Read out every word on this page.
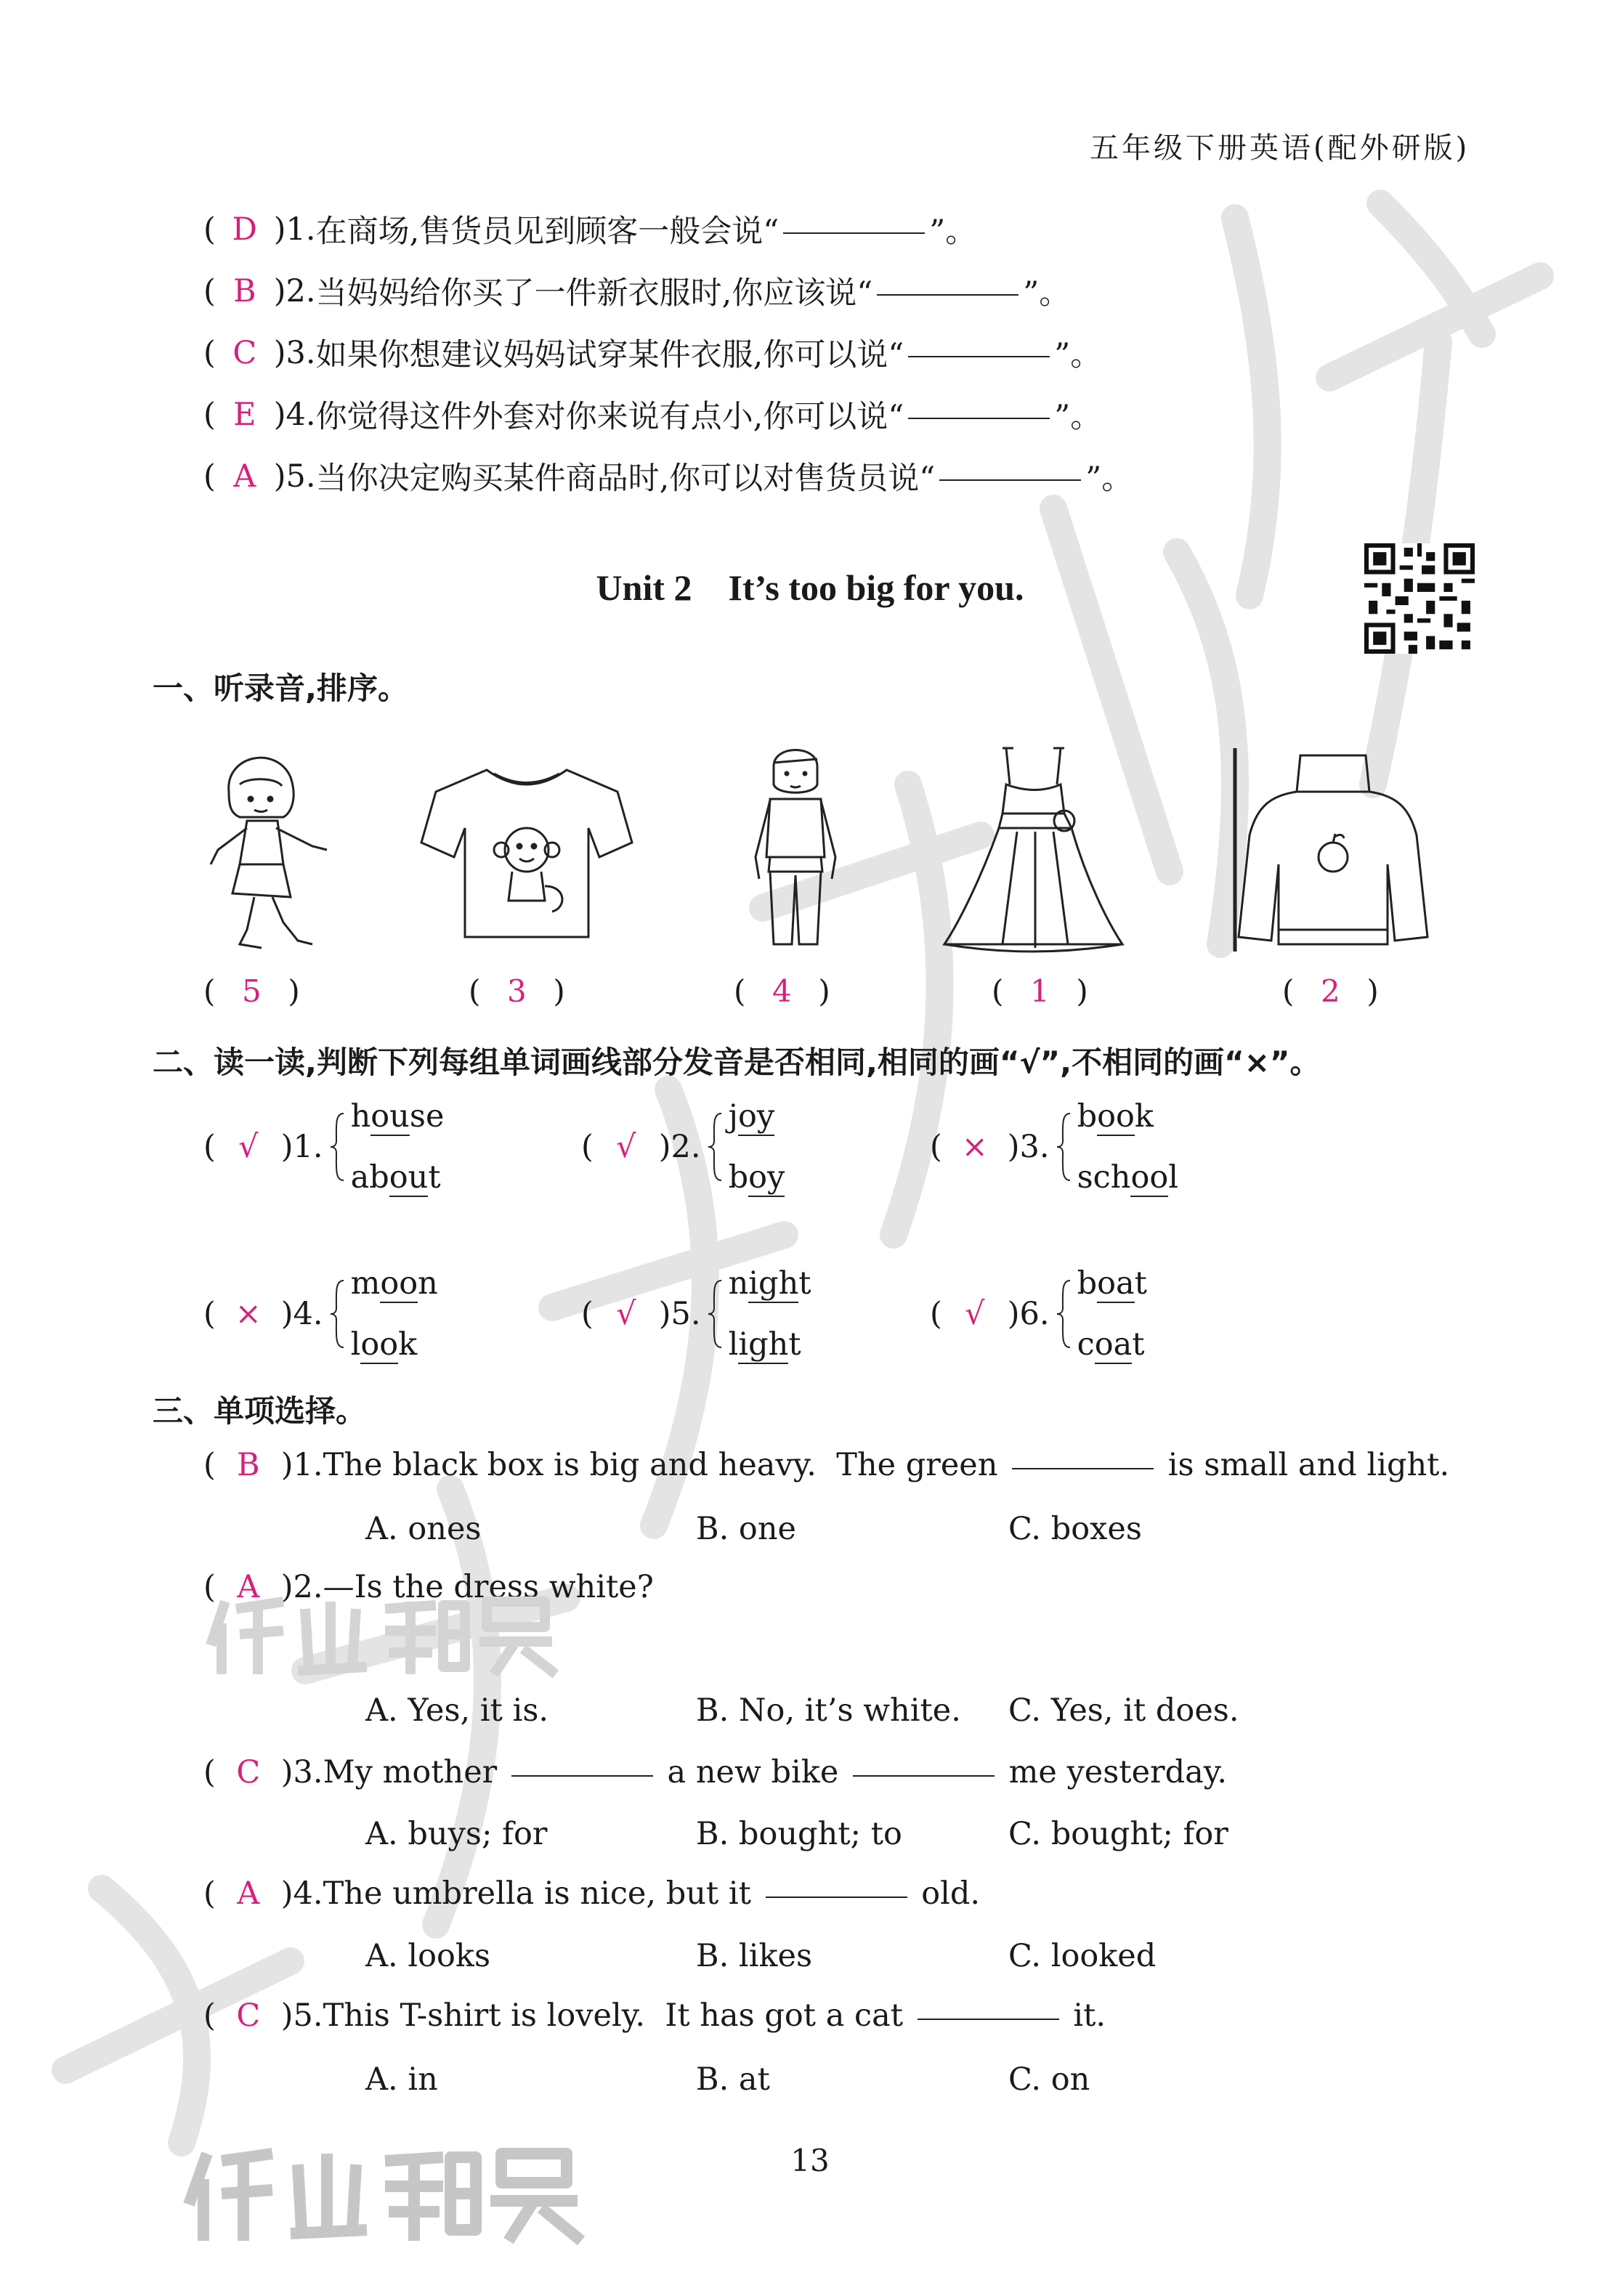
五年级下册英语(配外研版)
( D )1. 在商场,售货员见到顾客一般会说“	”。
( B )2. 当妈妈给你买了一件新衣服时,你应该说“	”。
( C )3. 如果你想建议妈妈试穿某件衣服,你可以说“	”。
( E )4. 你觉得这件外套对你来说有点小,你可以说“	”。
( A )5. 当你决定购买某件商品时,你可以对售货员说“	”。
Unit 2    It’s too big for you.
一、听录音,排序。
( 5 )	( 3 )	( 4 )	( 1 )	( 2 )
二、读一读,判断下列每组单词画线部分发音是否相同,相同的画“√”,不相同的画“×”。
( √ )1.
house
about
( √ )2.
joy
boy
( × )3.
book
school
( × )4.
moon
look
( √ )5.
night
light
( √ )6.
boat
coat
三、单项选择。
( B )1. The black box is big and heavy.  The green	is small and light.
A. ones	B. one	C. boxes
( A )2. —Is the dress white?
A. Yes, it is.	B. No, it’s white. C. Yes, it does.
( C )3. My mother	a new bike	me yesterday.
A. buys; for	B. bought; to	C. bought; for
( A )4. The umbrella is nice, but it	old.
A. looks	B. likes	C. looked
( C )5. This T-shirt is lovely.  It has got a cat	it.
A. in	B. at	C. on
13
